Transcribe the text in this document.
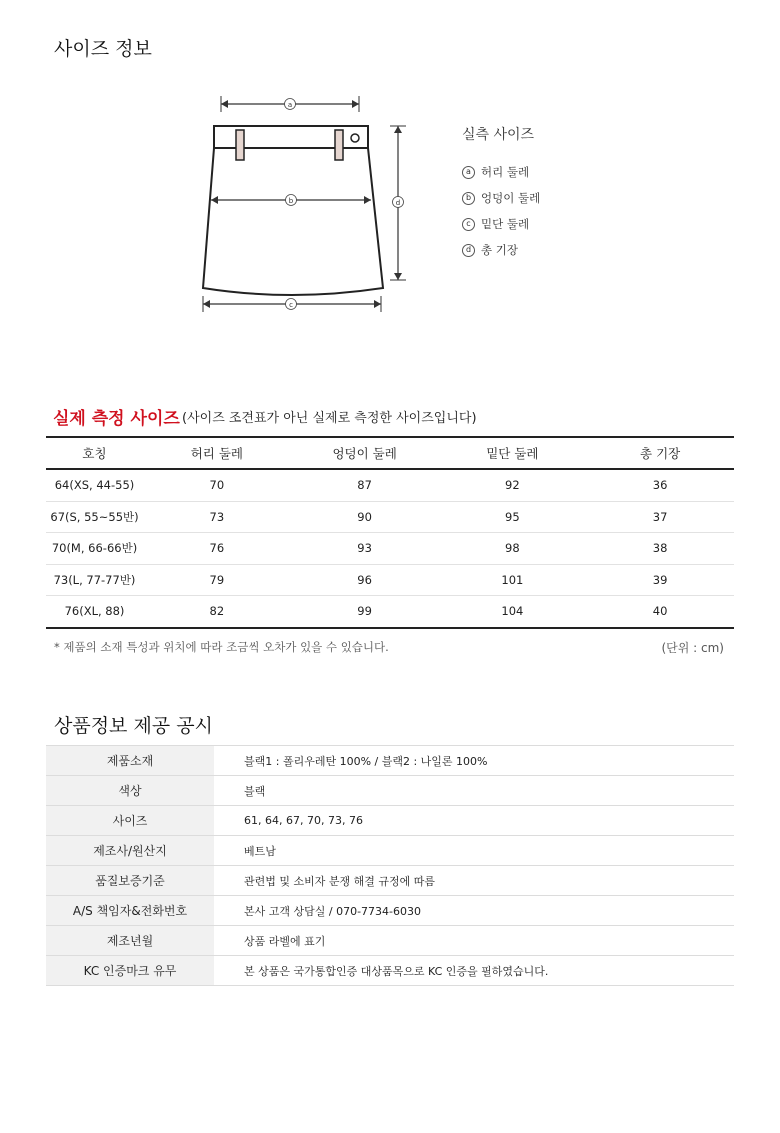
사이즈 정보
a
b	d
c
실측 사이즈
a 허리 둘레
b 엉덩이 둘레
c 밑단 둘레
d 총 기장
실제 측정 사이즈 (사이즈 조견표가 아닌 실제로 측정한 사이즈입니다)
호칭	허리 둘레	엉덩이 둘레	밑단 둘레	총 기장
64(XS, 44-55)	70	87	92	36
67(S, 55~55반)	73	90	95	37
70(M, 66-66반)	76	93	98	38
73(L, 77-77반)	79	96	101	39
76(XL, 88)	82	99	104	40
* 제품의 소재 특성과 위치에 따라 조금씩 오차가 있을 수 있습니다.	(단위 : cm)
상품정보 제공 공시
제품소재	블랙1 : 폴리우레탄 100% / 블랙2 : 나일론 100%
색상	블랙
사이즈	61, 64, 67, 70, 73, 76
제조사/원산지	베트남
품질보증기준	관련법 및 소비자 분쟁 해결 규정에 따름
A/S 책임자&전화번호	본사 고객 상담실 / 070-7734-6030
제조년월	상품 라벨에 표기
KC 인증마크 유무	본 상품은 국가통합인증 대상품목으로 KC 인증을 필하였습니다.
